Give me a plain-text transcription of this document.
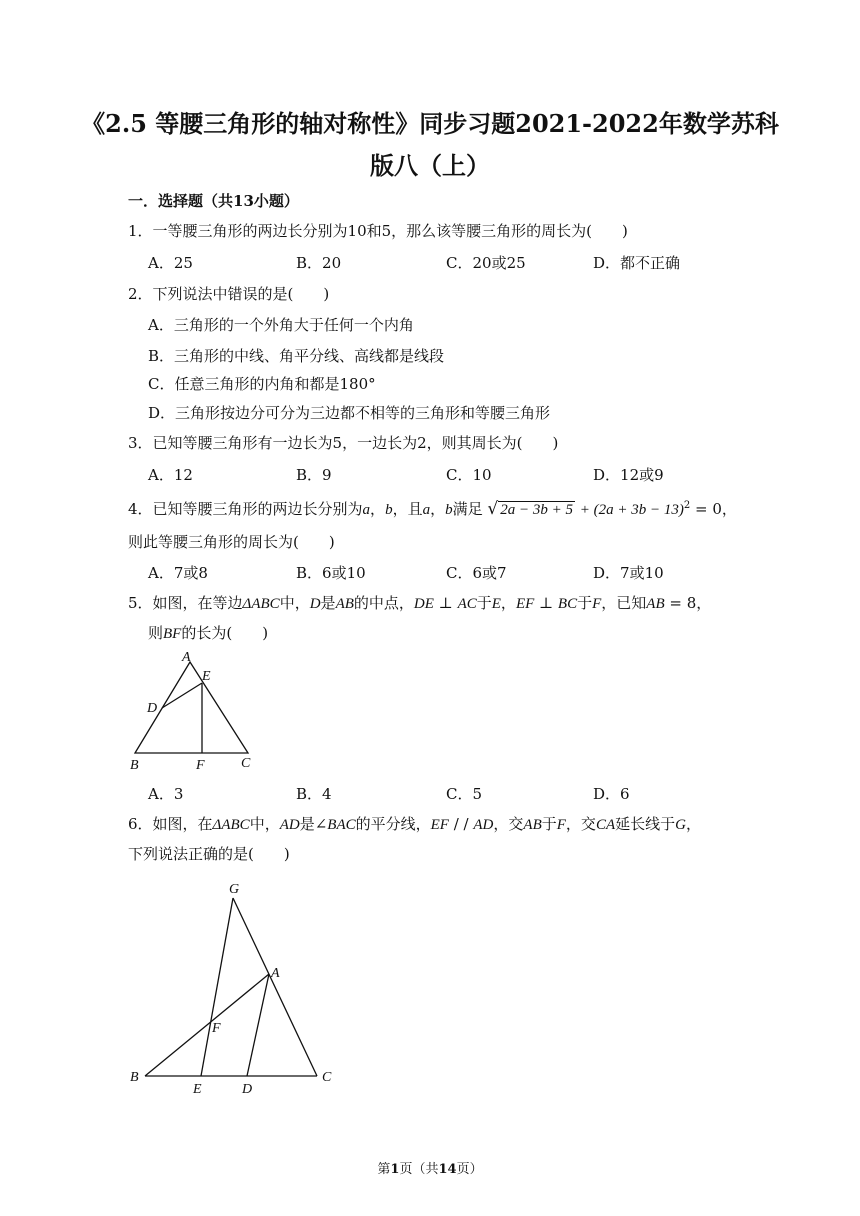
《2.5 等腰三角形的轴对称性》同步习题2021-2022年数学苏科
版八（上）
一．选择题（共13小题）
1．一等腰三角形的两边长分别为10和5，那么该等腰三角形的周长为(　　)
A．25	B．20	C．20或25	D．都不正确
2．下列说法中错误的是(　　)
A．三角形的一个外角大于任何一个内角
B．三角形的中线、角平分线、高线都是线段
C．任意三角形的内角和都是180°
D．三角形按边分可分为三边都不相等的三角形和等腰三角形
3．已知等腰三角形有一边长为5，一边长为2，则其周长为(　　)
A．12	B．9	C．10	D．12或9
4．已知等腰三角形的两边长分别为a，b，且a，b满足 √ $2a - 3b + 5 + (2a + 3b - 13)^2 = 0$，
则此等腰三角形的周长为(　　)
A．7或8	B．6或10	C．6或7	D．7或10
5．如图，在等边ΔABC中，D是AB的中点，DE ⊥ AC于E，EF ⊥ BC于F，已知AB = 8，
则BF的长为(　　)
A
E
D
B	F	C
A．3	B．4	C．5	D．6
6．如图，在ΔABC中，AD是∠BAC的平分线，EF / / AD，交AB于F，交CA延长线于G，
下列说法正确的是(　　)
G
A
F
B
E	D
C
第1页（共14页）
